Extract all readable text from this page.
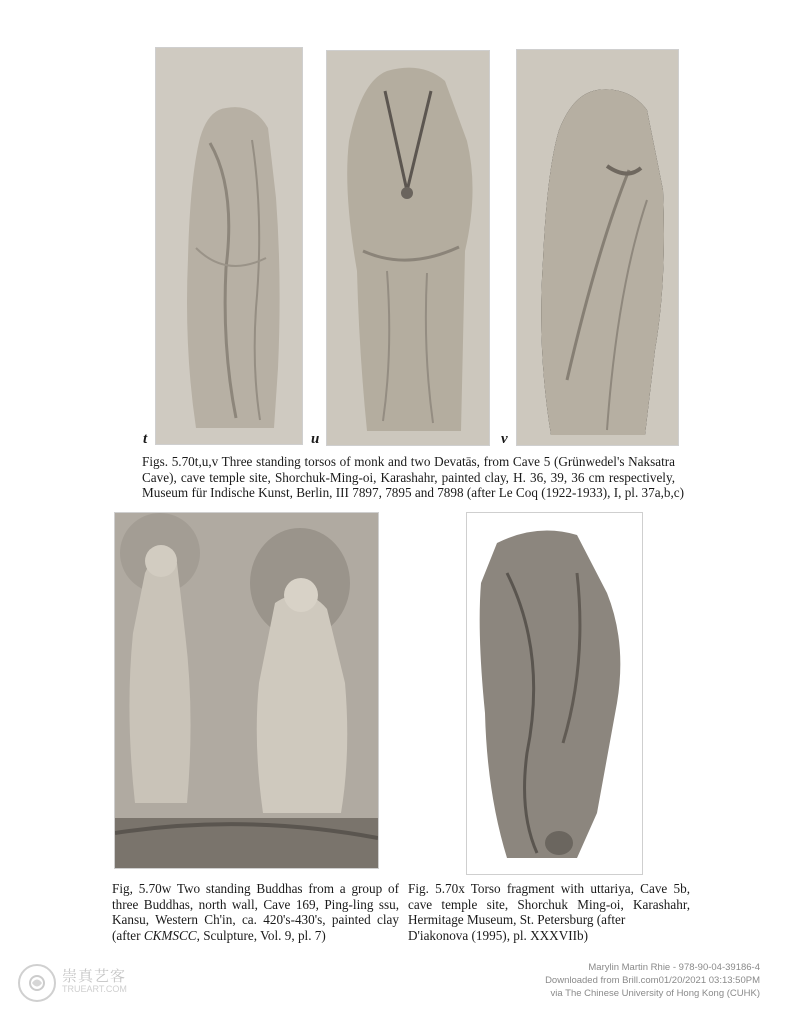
t	u	v
Figs. 5.70t,u,v Three standing torsos of monk and two Devatās, from Cave 5 (Grünwedel's Naksatra
Cave), cave temple site, Shorchuk-Ming-oi, Karashahr, painted clay, H. 36, 39, 36 cm respectively,
Museum für Indische Kunst, Berlin, III 7897, 7895 and 7898 (after Le Coq (1922-1933), I, pl. 37a,b,c)
Fig, 5.70w Two standing Buddhas from a group of
three Buddhas, north wall, Cave 169, Ping-ling ssu,
Kansu, Western Ch'in, ca. 420's-430's, painted clay
(after CKMSCC, Sculpture, Vol. 9, pl. 7)
Fig. 5.70x Torso fragment with uttariya, Cave 5b,
cave temple site, Shorchuk Ming-oi, Karashahr,
Hermitage Museum, St. Petersburg (after
D'iakonova (1995), pl. XXXVIIb)
崇真艺客
TRUEART.COM
Marylin Martin Rhie - 978-90-04-39186-4
Downloaded from Brill.com01/20/2021 03:13:50PM
via The Chinese University of Hong Kong (CUHK)
